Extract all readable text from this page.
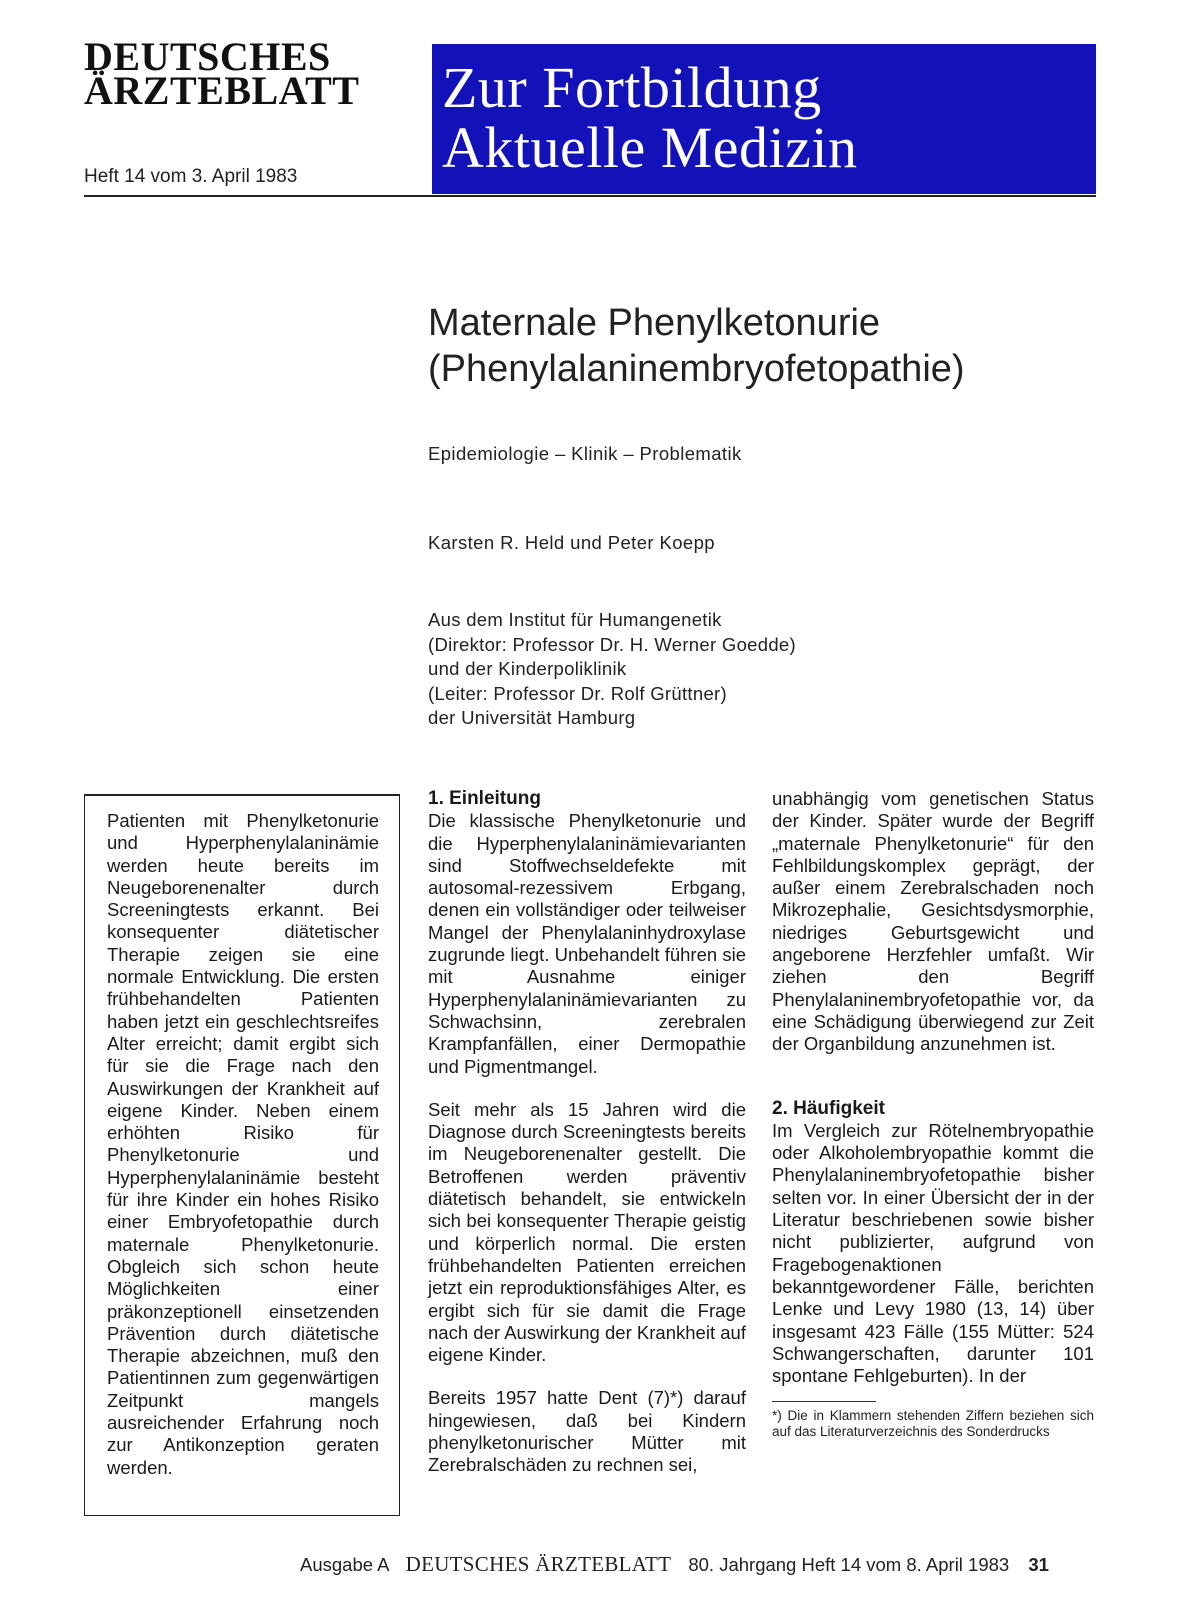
DEUTSCHES
ÄRZTEBLATT
Heft 14 vom 3. April 1983
Zur Fortbildung
Aktuelle Medizin
Maternale Phenylketonurie
(Phenylalaninembryofetopathie)
Epidemiologie – Klinik – Problematik
Karsten R. Held und Peter Koepp
Aus dem Institut für Humangenetik
(Direktor: Professor Dr. H. Werner Goedde)
und der Kinderpoliklinik
(Leiter: Professor Dr. Rolf Grüttner)
der Universität Hamburg
Patienten mit Phenylketonurie und Hyperphenylalaninämie werden heute bereits im Neugeborenenalter durch Screeningtests erkannt. Bei konsequenter diätetischer Therapie zeigen sie eine normale Entwicklung. Die ersten frühbehandelten Patienten haben jetzt ein geschlechtsreifes Alter erreicht; damit ergibt sich für sie die Frage nach den Auswirkungen der Krankheit auf eigene Kinder. Neben einem erhöhten Risiko für Phenylketonurie und Hyperphenylalaninämie besteht für ihre Kinder ein hohes Risiko einer Embryofetopathie durch maternale Phenylketonurie. Obgleich sich schon heute Möglichkeiten einer präkonzeptionell einsetzenden Prävention durch diätetische Therapie abzeichnen, muß den Patientinnen zum gegenwärtigen Zeitpunkt mangels ausreichender Erfahrung noch zur Antikonzeption geraten werden.

1. Einleitung

Die klassische Phenylketonurie und die Hyperphenylalaninämievarianten sind Stoffwechseldefekte mit autosomal-rezessivem Erbgang, denen ein vollständiger oder teilweiser Mangel der Phenylalaninhydroxylase zugrunde liegt. Unbehandelt führen sie mit Ausnahme einiger Hyperphenylalaninämievarianten zu Schwachsinn, zerebralen Krampfanfällen, einer Dermopathie und Pigmentmangel.

Seit mehr als 15 Jahren wird die Diagnose durch Screeningtests bereits im Neugeborenenalter gestellt. Die Betroffenen werden präventiv diätetisch behandelt, sie entwickeln sich bei konsequenter Therapie geistig und körperlich normal. Die ersten frühbehandelten Patienten erreichen jetzt ein reproduktionsfähiges Alter, es ergibt sich für sie damit die Frage nach der Auswirkung der Krankheit auf eigene Kinder.

Bereits 1957 hatte Dent (7)*) darauf hingewiesen, daß bei Kindern phenylketonurischer Mütter mit Zerebralschäden zu rechnen sei,

unabhängig vom genetischen Status der Kinder. Später wurde der Begriff „maternale Phenylketonurie“ für den Fehlbildungskomplex geprägt, der außer einem Zerebralschaden noch Mikrozephalie, Gesichtsdysmorphie, niedriges Geburtsgewicht und angeborene Herzfehler umfaßt. Wir ziehen den Begriff Phenylalaninembryofetopathie vor, da eine Schädigung überwiegend zur Zeit der Organbildung anzunehmen ist.

2. Häufigkeit

Im Vergleich zur Rötelnembryopathie oder Alkoholembryopathie kommt die Phenylalaninembryofetopathie bisher selten vor. In einer Übersicht der in der Literatur beschriebenen sowie bisher nicht publizierter, aufgrund von Fragebogenaktionen bekanntgewordener Fälle, berichten Lenke und Levy 1980 (13, 14) über insgesamt 423 Fälle (155 Mütter: 524 Schwangerschaften, darunter 101 spontane Fehlgeburten). In der

*) Die in Klammern stehenden Ziffern beziehen sich auf das Literaturverzeichnis des Sonderdrucks
Ausgabe A DEUTSCHES ÄRZTEBLATT 80. Jahrgang Heft 14 vom 8. April 1983 31
